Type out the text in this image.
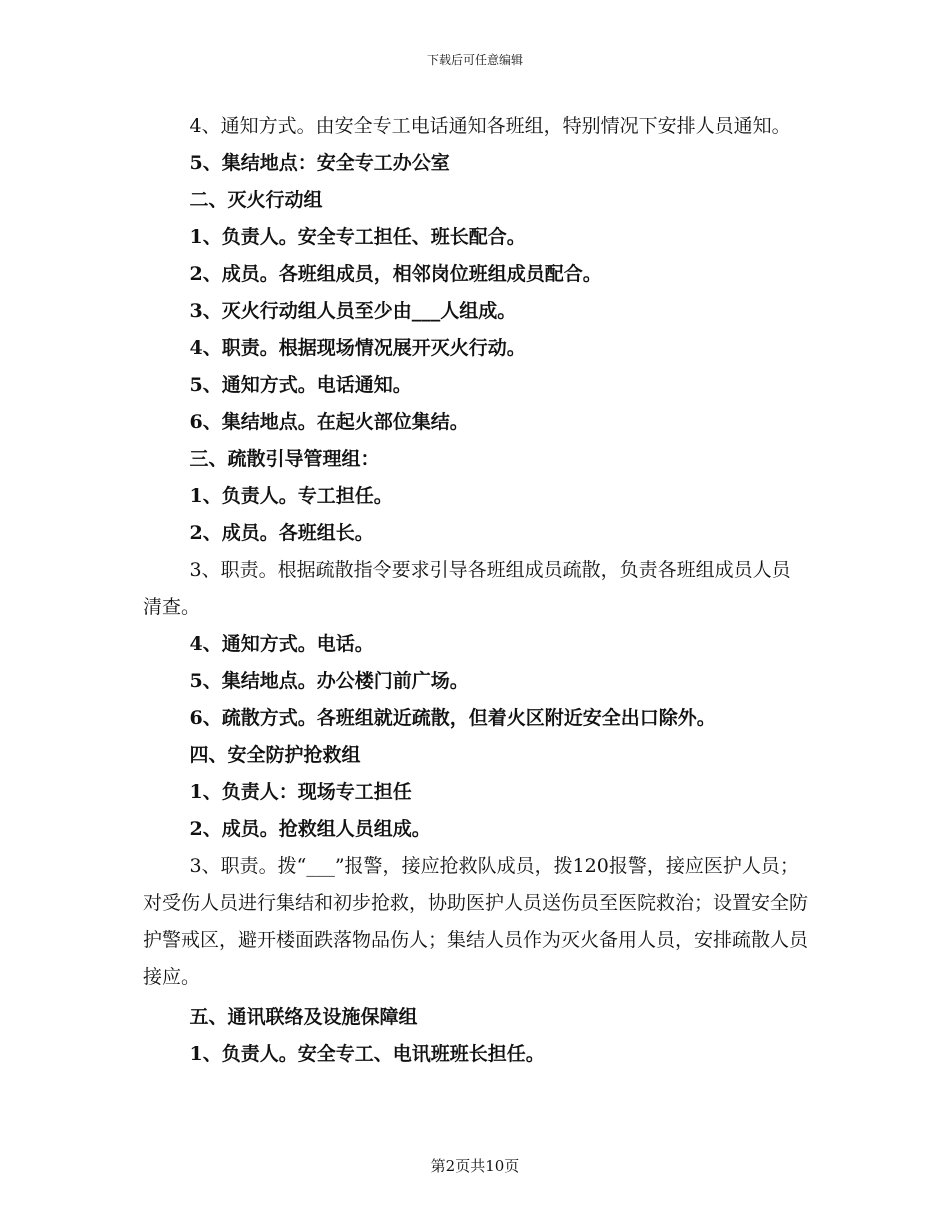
下载后可任意编辑

4、通知方式。由安全专工电话通知各班组，特别情况下安排人员通知。

5、集结地点：安全专工办公室

二、灭火行动组

1、负责人。安全专工担任、班长配合。

2、成员。各班组成员，相邻岗位班组成员配合。

3、灭火行动组人员至少由___人组成。

4、职责。根据现场情况展开灭火行动。

5、通知方式。电话通知。

6、集结地点。在起火部位集结。

三、疏散引导管理组：

1、负责人。专工担任。

2、成员。各班组长。

3、职责。根据疏散指令要求引导各班组成员疏散，负责各班组成员人员清查。

4、通知方式。电话。

5、集结地点。办公楼门前广场。

6、疏散方式。各班组就近疏散，但着火区附近安全出口除外。

四、安全防护抢救组

1、负责人：现场专工担任

2、成员。抢救组人员组成。

3、职责。拨“___”报警，接应抢救队成员，拨120报警，接应医护人员；对受伤人员进行集结和初步抢救，协助医护人员送伤员至医院救治；设置安全防护警戒区，避开楼面跌落物品伤人；集结人员作为灭火备用人员，安排疏散人员接应。

五、通讯联络及设施保障组

1、负责人。安全专工、电讯班班长担任。

第2页共10页
